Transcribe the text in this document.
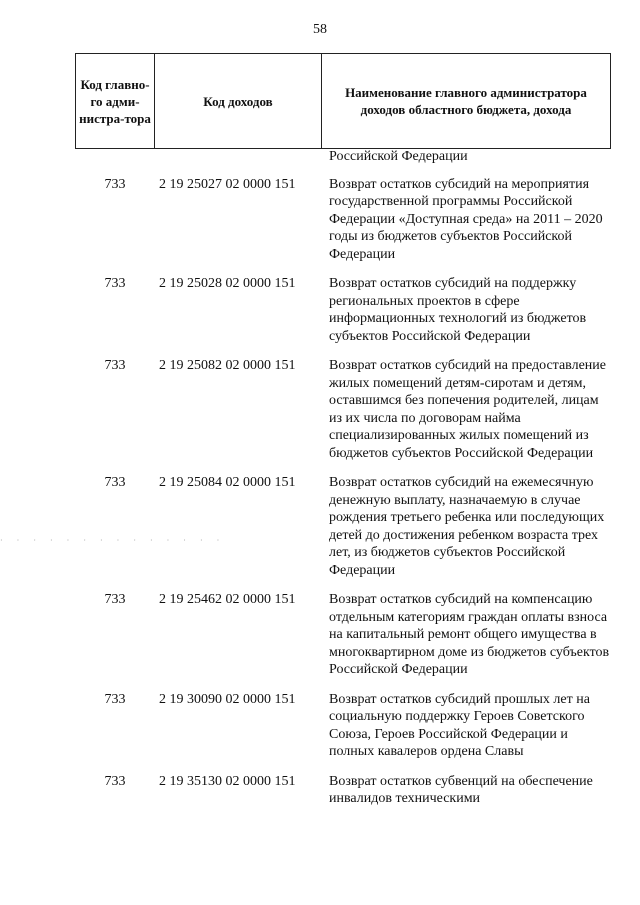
58
Код главно-го адми-нистра-тора	Код доходов	Наименование главного администратора доходов областного бюджета, дохода
Российской Федерации
733	2 19 25027 02 0000 151	Возврат остатков субсидий на мероприятия государственной программы Российской Федерации «Доступная среда» на 2011 – 2020 годы из бюджетов субъектов Российской Федерации
733	2 19 25028 02 0000 151	Возврат остатков субсидий на поддержку региональных проектов в сфере информационных технологий из бюджетов субъектов Российской Федерации
733	2 19 25082 02 0000 151	Возврат остатков субсидий на предоставление жилых помещений детям-сиротам и детям, оставшимся без попечения родителей, лицам из их числа по договорам найма специализированных жилых помещений из бюджетов субъектов Российской Федерации
733	2 19 25084 02 0000 151	Возврат остатков субсидий на ежемесячную денежную выплату, назначаемую в случае рождения третьего ребенка или последующих детей до достижения ребенком возраста трех лет, из бюджетов субъектов Российской Федерации
733	2 19 25462 02 0000 151	Возврат остатков субсидий на компенсацию отдельным категориям граждан оплаты взноса на капитальный ремонт общего имущества в многоквартирном доме из бюджетов субъектов Российской Федерации
733	2 19 30090 02 0000 151	Возврат остатков субсидий прошлых лет на социальную поддержку Героев Советского Союза, Героев Российской Федерации и полных кавалеров ордена Славы
733	2 19 35130 02 0000 151	Возврат остатков субвенций на обеспечение инвалидов техническими
· · · · · · · · · · · · · ·
